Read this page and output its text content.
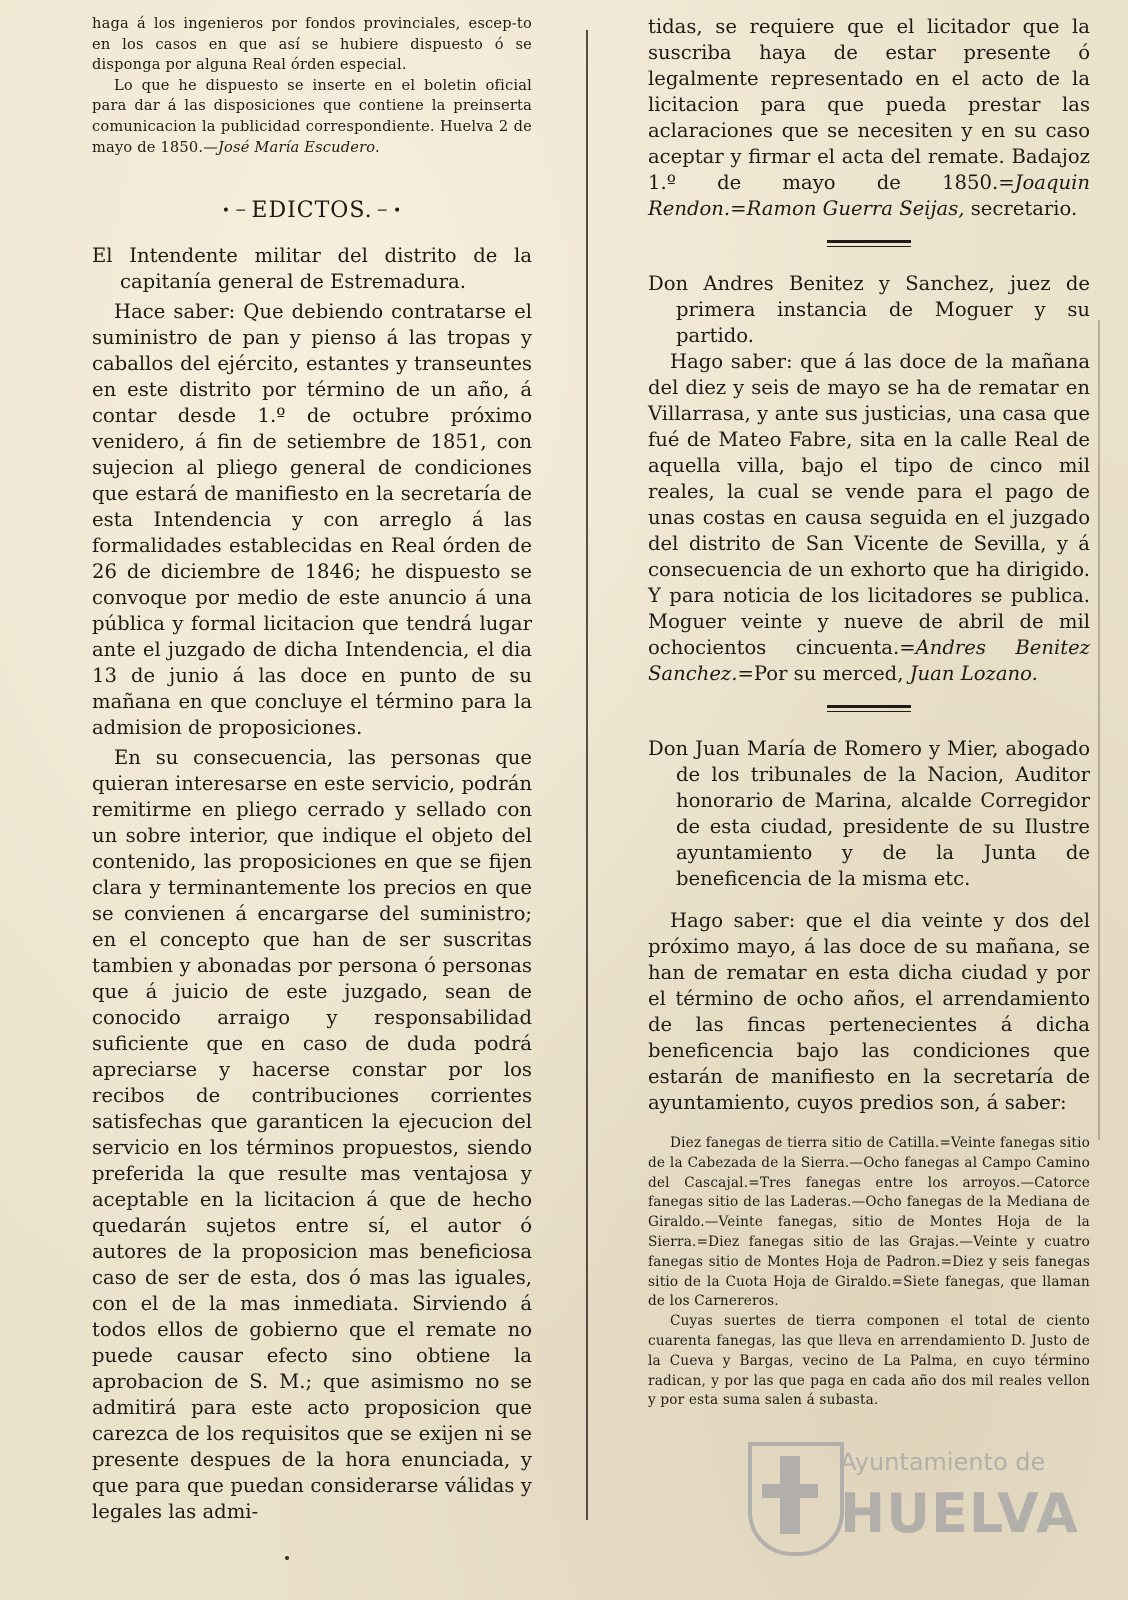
haga á los ingenieros por fondos provinciales, escep-to en los casos en que así se hubiere dispuesto ó se disponga por alguna Real órden especial.

Lo que he dispuesto se inserte en el boletin oficial para dar á las disposiciones que contiene la preinserta comunicacion la publicidad correspondiente. Huelva 2 de mayo de 1850.—José María Escudero.

• ─ EDICTOS. ─ •

El Intendente militar del distrito de la capitanía general de Estremadura.

Hace saber: Que debiendo contratarse el suministro de pan y pienso á las tropas y caballos del ejército, estantes y transeuntes en este distrito por término de un año, á contar desde 1.º de octubre próximo venidero, á fin de setiembre de 1851, con sujecion al pliego general de condiciones que estará de manifiesto en la secretaría de esta Intendencia y con arreglo á las formalidades establecidas en Real órden de 26 de diciembre de 1846; he dispuesto se convoque por medio de este anuncio á una pública y formal licitacion que tendrá lugar ante el juzgado de dicha Intendencia, el dia 13 de junio á las doce en punto de su mañana en que concluye el término para la admision de proposiciones.

En su consecuencia, las personas que quieran interesarse en este servicio, podrán remitirme en pliego cerrado y sellado con un sobre interior, que indique el objeto del contenido, las proposiciones en que se fijen clara y terminantemente los precios en que se convienen á encargarse del suministro; en el concepto que han de ser suscritas tambien y abonadas por persona ó personas que á juicio de este juzgado, sean de conocido arraigo y responsabilidad suficiente que en caso de duda podrá apreciarse y hacerse constar por los recibos de contribuciones corrientes satisfechas que garanticen la ejecucion del servicio en los términos propuestos, siendo preferida la que resulte mas ventajosa y aceptable en la licitacion á que de hecho quedarán sujetos entre sí, el autor ó autores de la proposicion mas beneficiosa caso de ser de esta, dos ó mas las iguales, con el de la mas inmediata. Sirviendo á todos ellos de gobierno que el remate no puede causar efecto sino obtiene la aprobacion de S. M.; que asimismo no se admitirá para este acto proposicion que carezca de los requisitos que se exijen ni se presente despues de la hora enunciada, y que para que puedan considerarse válidas y legales las admi-

tidas, se requiere que el licitador que la suscriba haya de estar presente ó legalmente representado en el acto de la licitacion para que pueda prestar las aclaraciones que se necesiten y en su caso aceptar y firmar el acta del remate. Badajoz 1.º de mayo de 1850.=Joaquin Rendon.=Ramon Guerra Seijas, secretario.

Don Andres Benitez y Sanchez, juez de primera instancia de Moguer y su partido.

Hago saber: que á las doce de la mañana del diez y seis de mayo se ha de rematar en Villarrasa, y ante sus justicias, una casa que fué de Mateo Fabre, sita en la calle Real de aquella villa, bajo el tipo de cinco mil reales, la cual se vende para el pago de unas costas en causa seguida en el juzgado del distrito de San Vicente de Sevilla, y á consecuencia de un exhorto que ha dirigido. Y para noticia de los licitadores se publica. Moguer veinte y nueve de abril de mil ochocientos cincuenta.=Andres Benitez Sanchez.=Por su merced, Juan Lozano.

Don Juan María de Romero y Mier, abogado de los tribunales de la Nacion, Auditor honorario de Marina, alcalde Corregidor de esta ciudad, presidente de su Ilustre ayuntamiento y de la Junta de beneficencia de la misma etc.

Hago saber: que el dia veinte y dos del próximo mayo, á las doce de su mañana, se han de rematar en esta dicha ciudad y por el término de ocho años, el arrendamiento de las fincas pertenecientes á dicha beneficencia bajo las condiciones que estarán de manifiesto en la secretaría de ayuntamiento, cuyos predios son, á saber:

Diez fanegas de tierra sitio de Catilla.=Veinte fanegas sitio de la Cabezada de la Sierra.—Ocho fanegas al Campo Camino del Cascajal.=Tres fanegas entre los arroyos.—Catorce fanegas sitio de las Laderas.—Ocho fanegas de la Mediana de Giraldo.—Veinte fanegas, sitio de Montes Hoja de la Sierra.=Diez fanegas sitio de las Grajas.—Veinte y cuatro fanegas sitio de Montes Hoja de Padron.=Diez y seis fanegas sitio de la Cuota Hoja de Giraldo.=Siete fanegas, que llaman de los Carnereros.

Cuyas suertes de tierra componen el total de ciento cuarenta fanegas, las que lleva en arrendamiento D. Justo de la Cueva y Bargas, vecino de La Palma, en cuyo término radican, y por las que paga en cada año dos mil reales vellon y por esta suma salen á subasta.

Ayuntamiento de
HUELVA
